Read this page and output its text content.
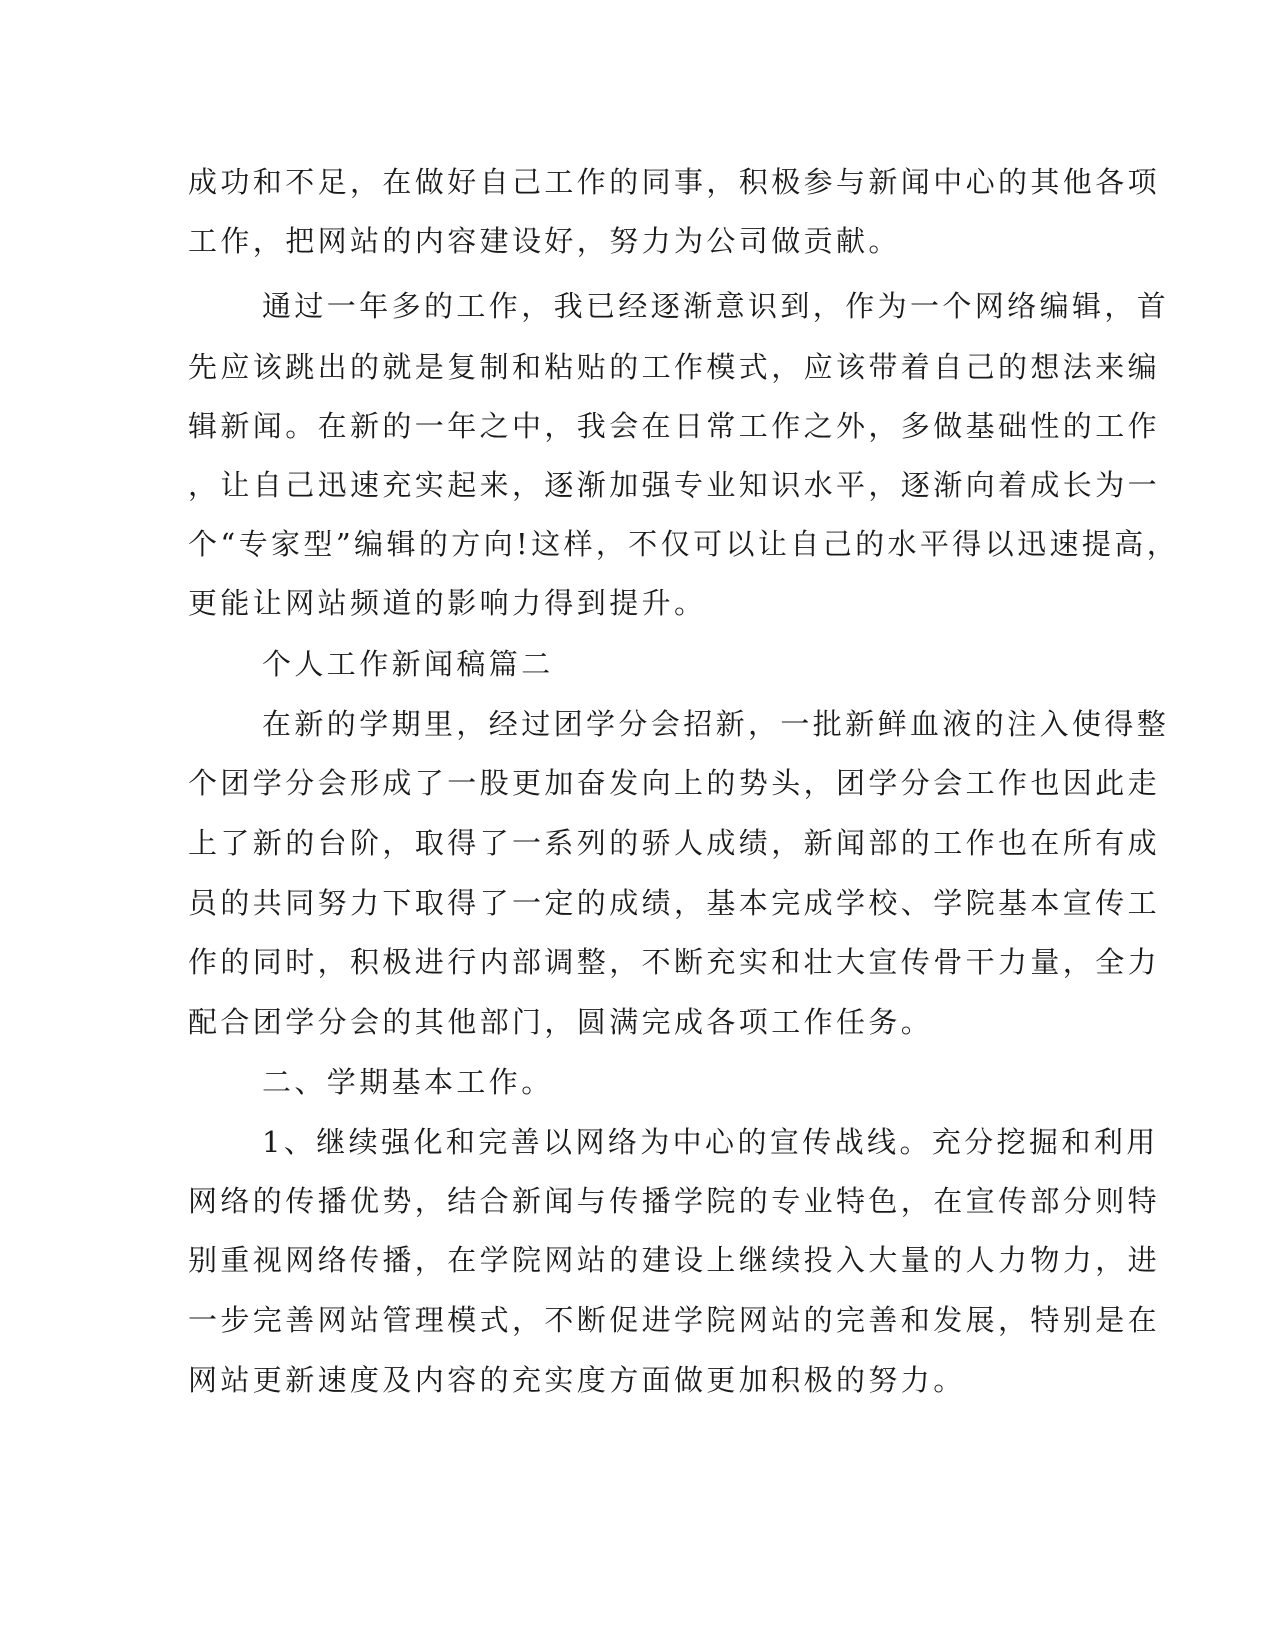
成功和不足，在做好自己工作的同事，积极参与新闻中心的其他各项
工作，把网站的内容建设好，努力为公司做贡献。
通过一年多的工作，我已经逐渐意识到，作为一个网络编辑，首
先应该跳出的就是复制和粘贴的工作模式，应该带着自己的想法来编
辑新闻。在新的一年之中，我会在日常工作之外，多做基础性的工作
，让自己迅速充实起来，逐渐加强专业知识水平，逐渐向着成长为一
个“专家型”编辑的方向!这样，不仅可以让自己的水平得以迅速提高，
更能让网站频道的影响力得到提升。
个人工作新闻稿篇二
在新的学期里，经过团学分会招新，一批新鲜血液的注入使得整
个团学分会形成了一股更加奋发向上的势头，团学分会工作也因此走
上了新的台阶，取得了一系列的骄人成绩，新闻部的工作也在所有成
员的共同努力下取得了一定的成绩，基本完成学校、学院基本宣传工
作的同时，积极进行内部调整，不断充实和壮大宣传骨干力量，全力
配合团学分会的其他部门，圆满完成各项工作任务。
二、学期基本工作。
1、继续强化和完善以网络为中心的宣传战线。充分挖掘和利用
网络的传播优势，结合新闻与传播学院的专业特色，在宣传部分则特
别重视网络传播，在学院网站的建设上继续投入大量的人力物力，进
一步完善网站管理模式，不断促进学院网站的完善和发展，特别是在
网站更新速度及内容的充实度方面做更加积极的努力。
